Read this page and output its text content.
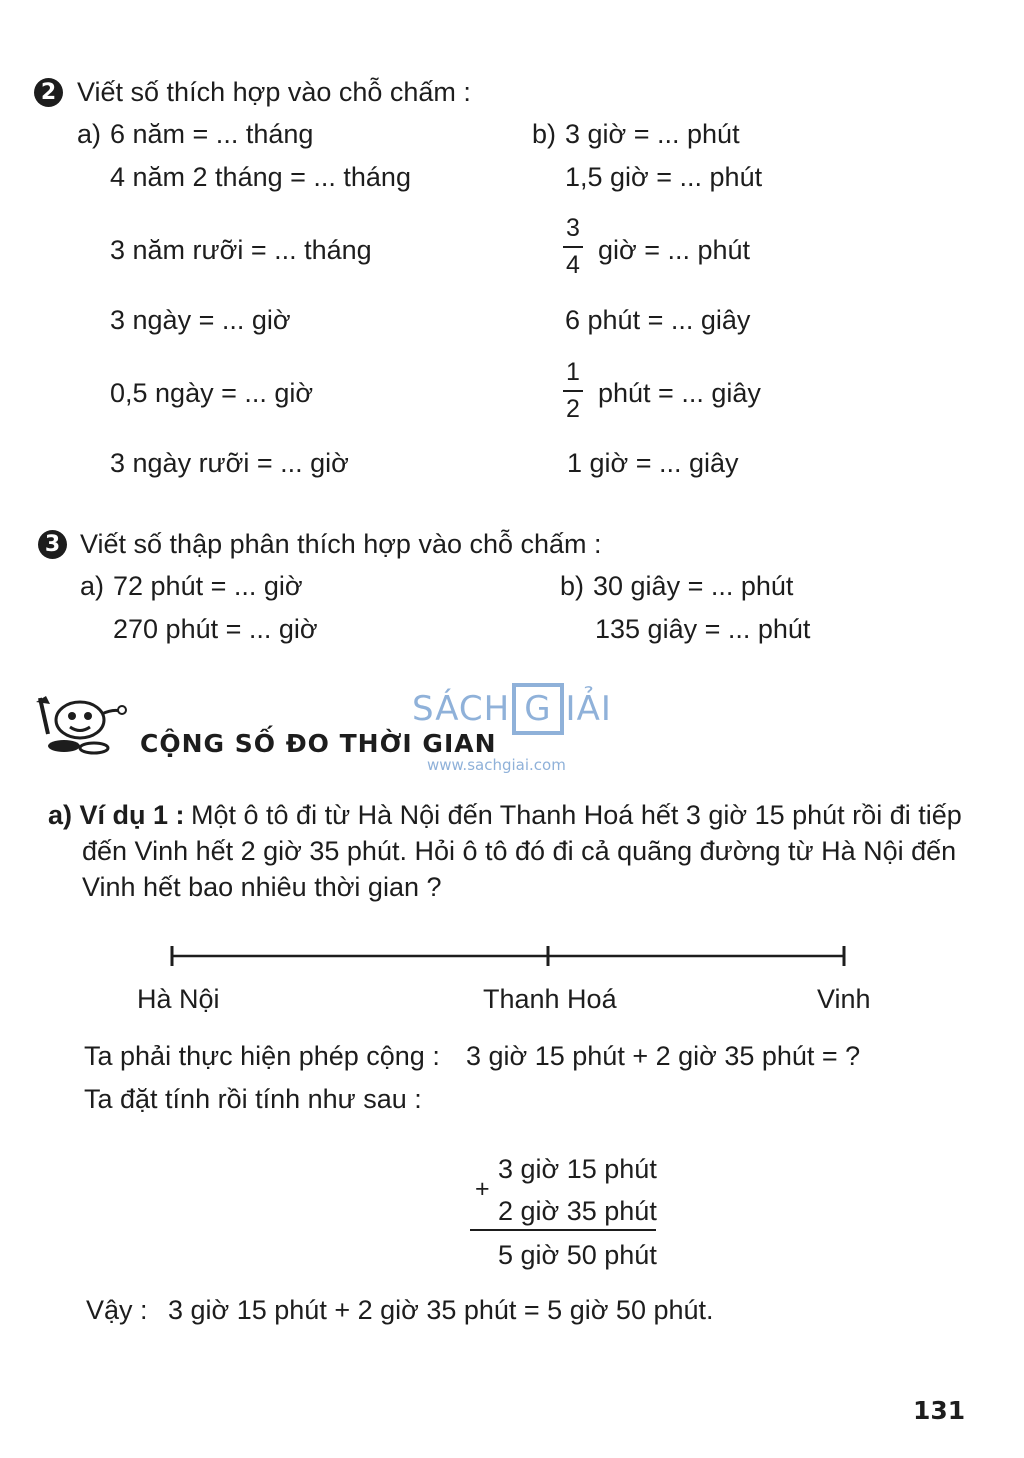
2 Viết số thích hợp vào chỗ chấm :
a) 6 năm = ... tháng
4 năm 2 tháng = ... tháng
3 năm rưỡi = ... tháng
3 ngày = ... giờ
0,5 ngày = ... giờ
3 ngày rưỡi = ... giờ
b) 3 giờ = ... phút
1,5 giờ = ... phút
3
4 giờ = ... phút
6 phút = ... giây
1
2
phút = ... giây
1 giờ = ... giây
3 Viết số thập phân thích hợp vào chỗ chấm :
a) 72 phút = ... giờ
270 phút = ... giờ
b) 30 giây = ... phút
135 giây = ... phút
SÁCH G IẢI
www.sachgiai.com
CỘNG SỐ ĐO THỜI GIAN
a) Ví dụ 1 : Một ô tô đi từ Hà Nội đến Thanh Hoá hết 3 giờ 15 phút rồi đi tiếp
đến Vinh hết 2 giờ 35 phút. Hỏi ô tô đó đi cả quãng đường từ Hà Nội đến
Vinh hết bao nhiêu thời gian ?
Hà Nội	Thanh Hoá	Vinh
Ta phải thực hiện phép cộng : 3 giờ 15 phút + 2 giờ 35 phút = ?
Ta đặt tính rồi tính như sau :
+
3 giờ 15 phút
2 giờ 35 phút
5 giờ 50 phút
Vậy : 3 giờ 15 phút + 2 giờ 35 phút = 5 giờ 50 phút.
131
